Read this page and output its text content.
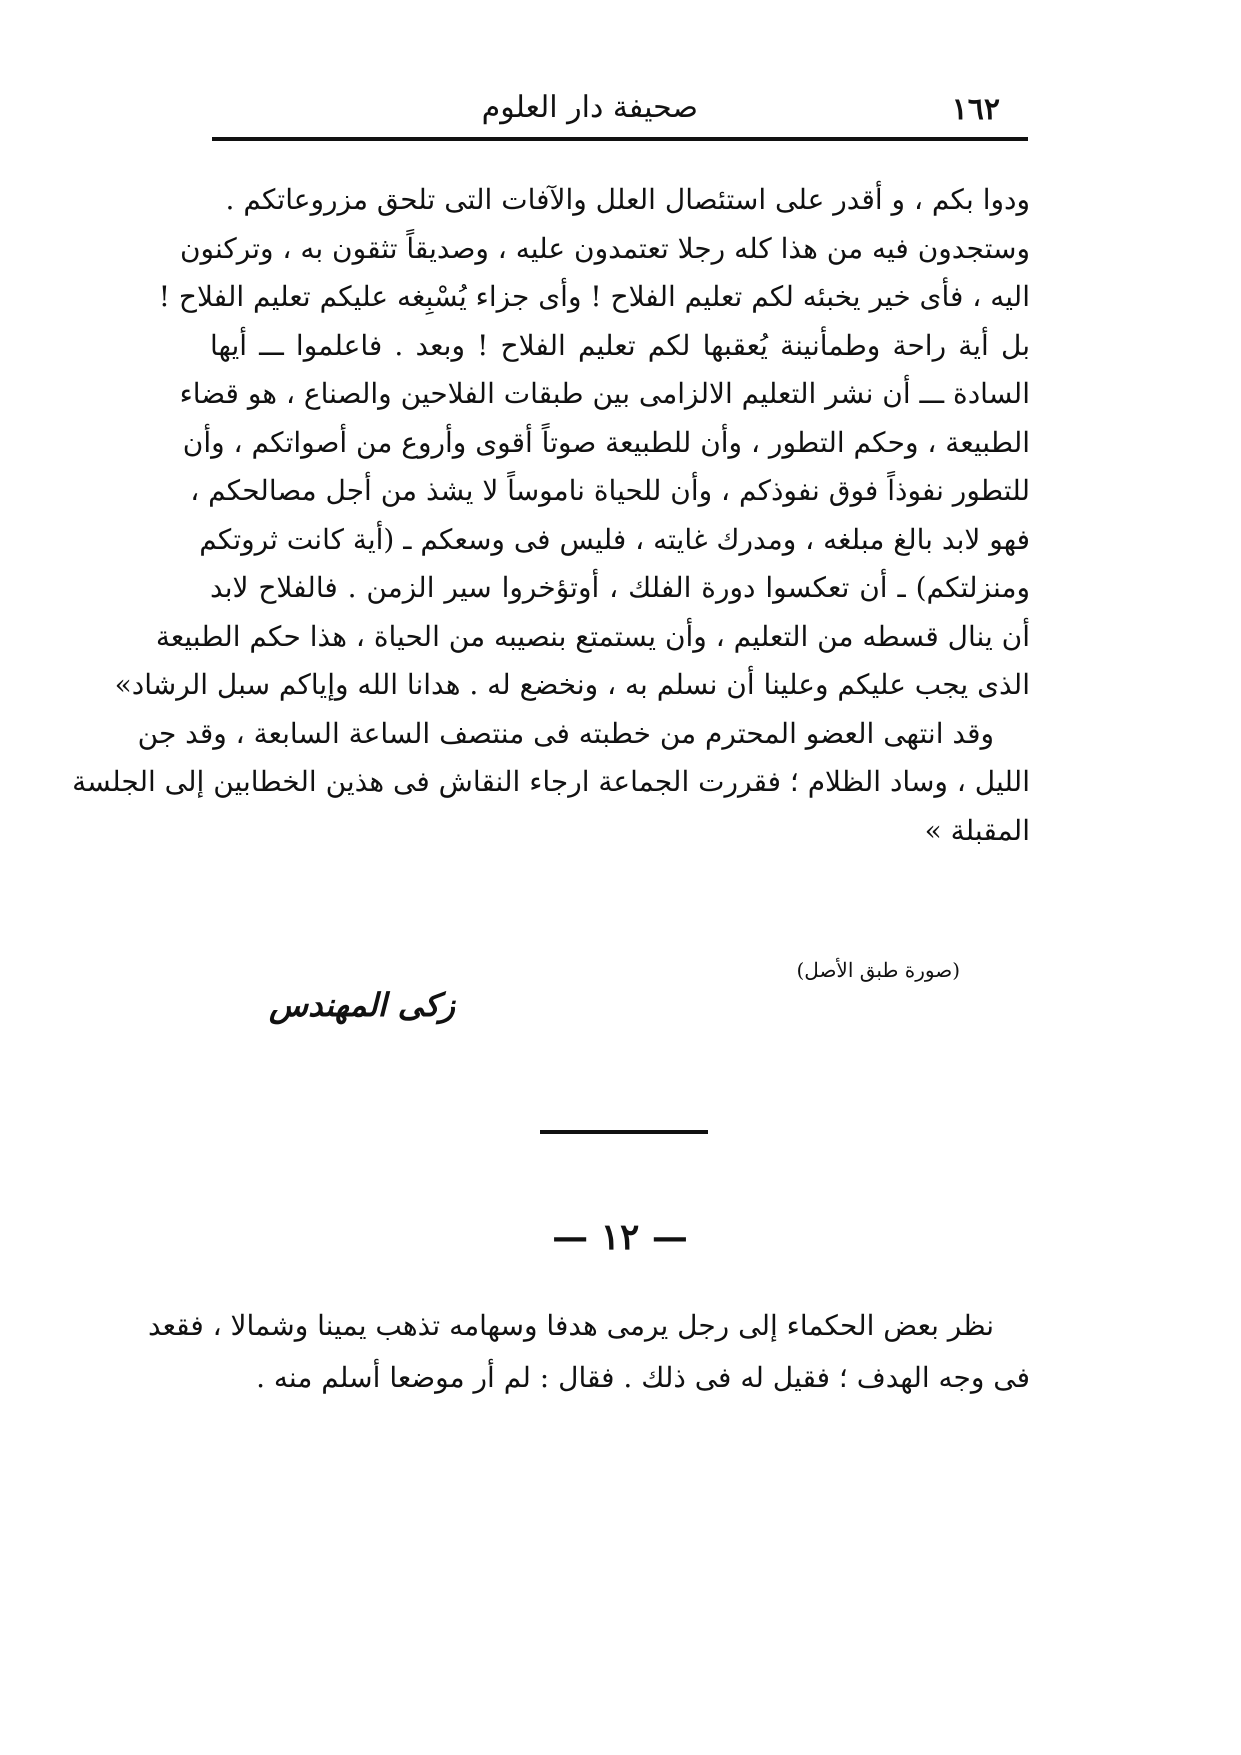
١٦٢
صحيفة دار العلوم
ودوا بكم ، و أقدر على استئصال العلل والآفات التى تلحق مزروعاتكم .
وستجدون فيه من هذا كله رجلا تعتمدون عليه ، وصديقاً تثقون به ، وتركنون
اليه ، فأى خير يخبئه لكم تعليم الفلاح ! وأى جزاء يُسْبِغه عليكم تعليم الفلاح !
بل أية راحة وطمأنينة يُعقبها لكم تعليم الفلاح ! وبعد . فاعلموا ـــ أيها
السادة ـــ أن نشر التعليم الالزامى بين طبقات الفلاحين والصناع ، هو قضاء
الطبيعة ، وحكم التطور ، وأن للطبيعة صوتاً أقوى وأروع من أصواتكم ، وأن
للتطور نفوذاً فوق نفوذكم ، وأن للحياة ناموساً لا يشذ من أجل مصالحكم ،
فهو لابد بالغ مبلغه ، ومدرك غايته ، فليس فى وسعكم ـ (أية كانت ثروتكم
ومنزلتكم) ـ أن تعكسوا دورة الفلك ، أوتؤخروا سير الزمن . فالفلاح لابد
أن ينال قسطه من التعليم ، وأن يستمتع بنصيبه من الحياة ، هذا حكم الطبيعة
الذى يجب عليكم وعلينا أن نسلم به ، ونخضع له . هدانا الله وإياكم سبل الرشاد»
وقد انتهى العضو المحترم من خطبته فى منتصف الساعة السابعة ، وقد جن
الليل ، وساد الظلام ؛ فقررت الجماعة ارجاء النقاش فى هذين الخطابين إلى الجلسة
المقبلة »
(صورة طبق الأصل)
زكى المهندس
— ١٢ —
نظر بعض الحكماء إلى رجل يرمى هدفا وسهامه تذهب يمينا وشمالا ، فقعد
فى وجه الهدف ؛ فقيل له فى ذلك . فقال : لم أر موضعا أسلم منه .
